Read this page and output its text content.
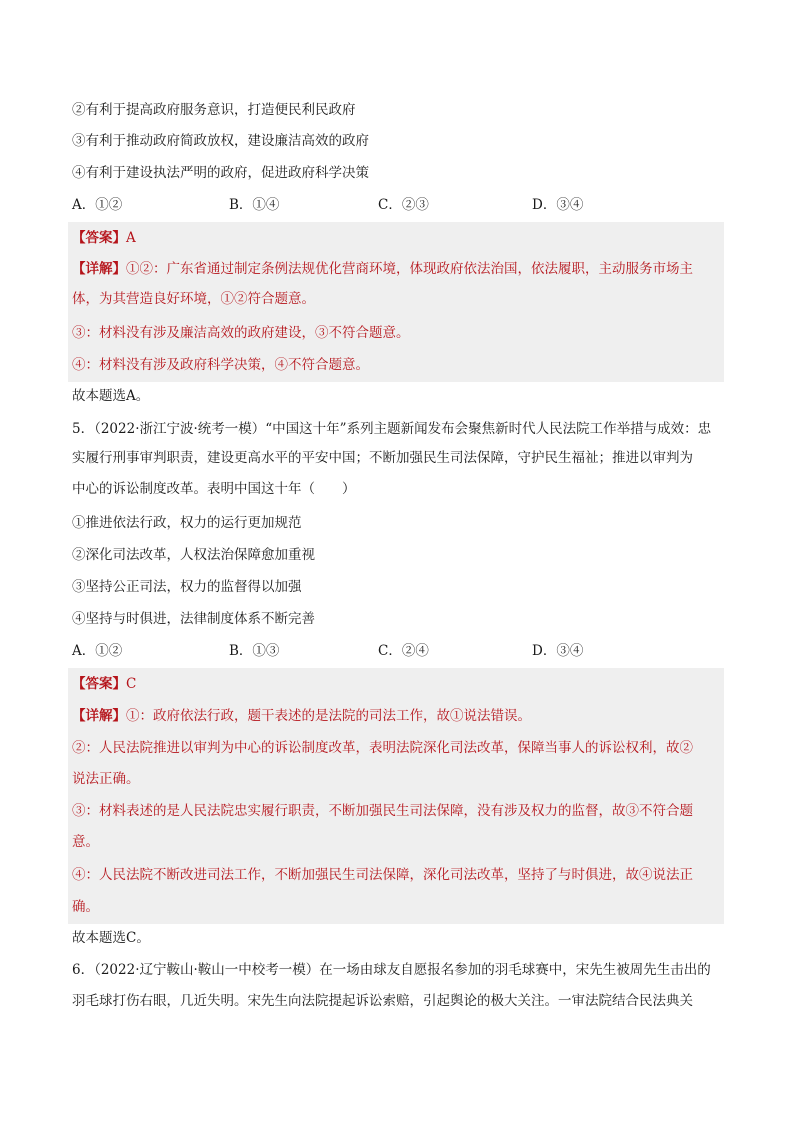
②有利于提高政府服务意识，打造便民利民政府
③有利于推动政府简政放权，建设廉洁高效的政府
④有利于建设执法严明的政府，促进政府科学决策
A．①②	B．①④	C．②③	D．③④
【答案】A
【详解】①②：广东省通过制定条例法规优化营商环境，体现政府依法治国，依法履职，主动服务市场主
体，为其营造良好环境，①②符合题意。
③：材料没有涉及廉洁高效的政府建设，③不符合题意。
④：材料没有涉及政府科学决策，④不符合题意。
故本题选A。
5．（2022·浙江宁波·统考一模）“中国这十年”系列主题新闻发布会聚焦新时代人民法院工作举措与成效：忠
实履行刑事审判职责，建设更高水平的平安中国；不断加强民生司法保障，守护民生福祉；推进以审判为
中心的诉讼制度改革。表明中国这十年（　　）
①推进依法行政，权力的运行更加规范
②深化司法改革，人权法治保障愈加重视
③坚持公正司法，权力的监督得以加强
④坚持与时俱进，法律制度体系不断完善
A．①②	B．①③	C．②④	D．③④
【答案】C
【详解】①：政府依法行政，题干表述的是法院的司法工作，故①说法错误。
②：人民法院推进以审判为中心的诉讼制度改革，表明法院深化司法改革，保障当事人的诉讼权利，故②
说法正确。
③：材料表述的是人民法院忠实履行职责，不断加强民生司法保障，没有涉及权力的监督，故③不符合题
意。
④：人民法院不断改进司法工作，不断加强民生司法保障，深化司法改革，坚持了与时俱进，故④说法正
确。
故本题选C。
6．（2022·辽宁鞍山·鞍山一中校考一模）在一场由球友自愿报名参加的羽毛球赛中，宋先生被周先生击出的
羽毛球打伤右眼，几近失明。宋先生向法院提起诉讼索赔，引起舆论的极大关注。一审法院结合民法典关
